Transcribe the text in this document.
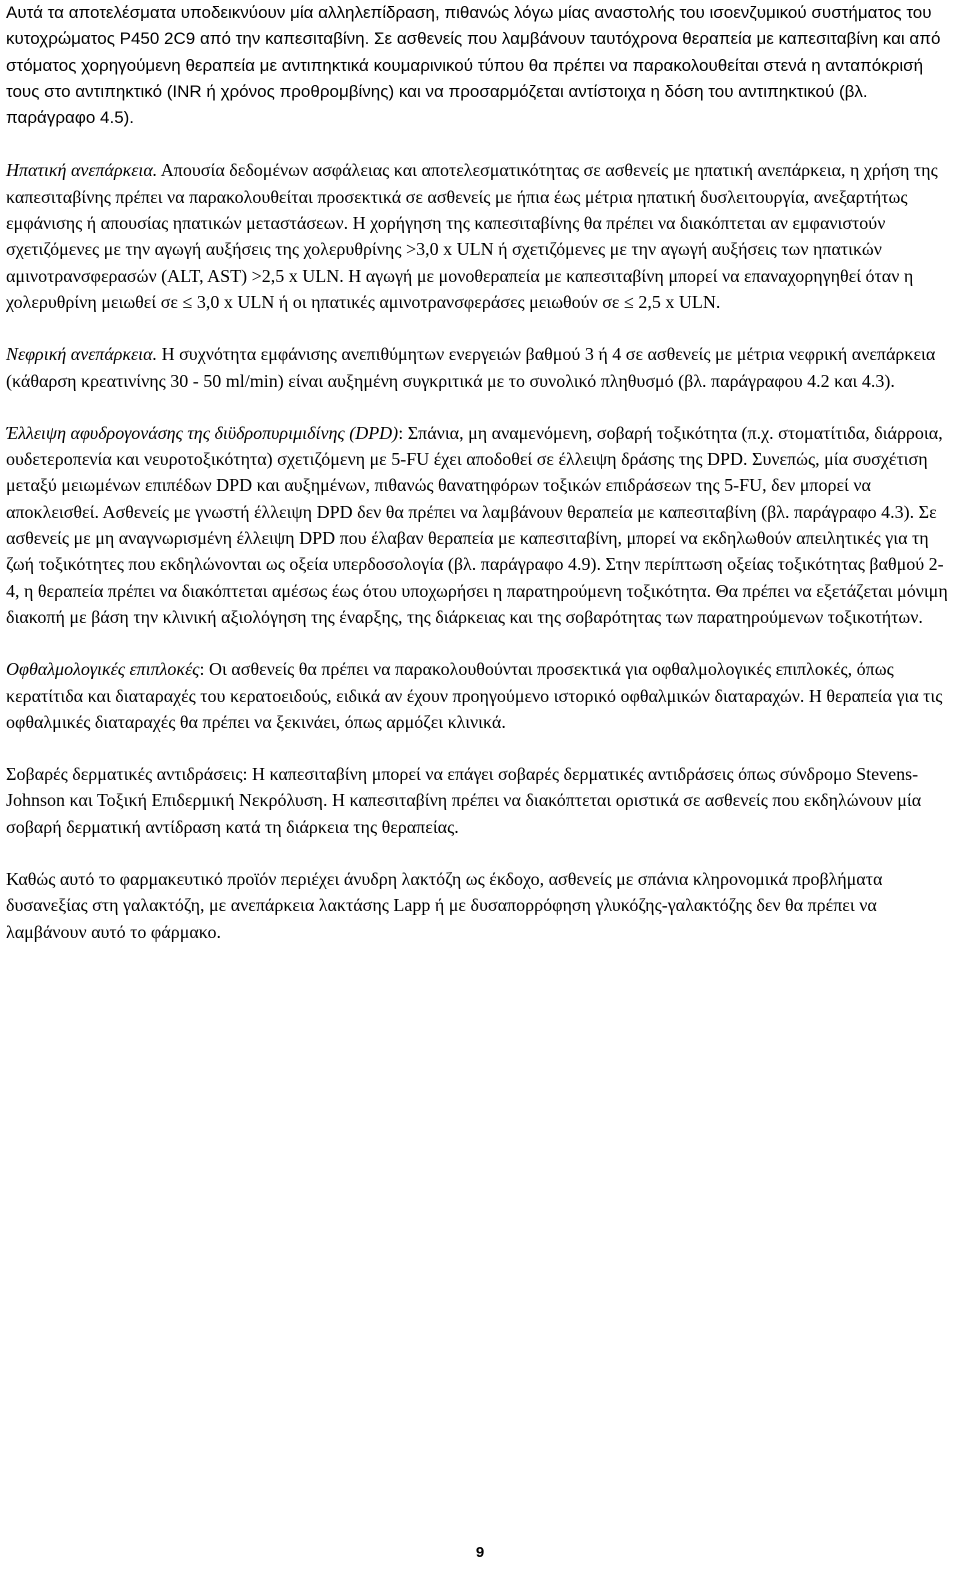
Αυτά τα αποτελέσματα υποδεικνύουν μία αλληλεπίδραση, πιθανώς λόγω μίας αναστολής του ισοενζυμικού συστήματος του κυτοχρώματος P450 2C9 από την καπεσιταβίνη. Σε ασθενείς που λαμβάνουν ταυτόχρονα θεραπεία με καπεσιταβίνη και από στόματος χορηγούμενη θεραπεία με αντιπηκτικά κουμαρινικού τύπου θα πρέπει να παρακολουθείται στενά η ανταπόκρισή τους στο αντιπηκτικό (INR ή χρόνος προθρομβίνης) και να προσαρμόζεται αντίστοιχα η δόση του αντιπηκτικού (βλ. παράγραφο 4.5).

Ηπατική ανεπάρκεια. Απουσία δεδομένων ασφάλειας και αποτελεσματικότητας σε ασθενείς με ηπατική ανεπάρκεια, η χρήση της καπεσιταβίνης πρέπει να παρακολουθείται προσεκτικά σε ασθενείς με ήπια έως μέτρια ηπατική δυσλειτουργία, ανεξαρτήτως εμφάνισης ή απουσίας ηπατικών μεταστάσεων. Η χορήγηση της καπεσιταβίνης θα πρέπει να διακόπτεται αν εμφανιστούν σχετιζόμενες με την αγωγή αυξήσεις της χολερυθρίνης >3,0 x ULN ή σχετιζόμενες με την αγωγή αυξήσεις των ηπατικών αμινοτρανσφερασών (ALT, AST) >2,5 x ULN. Η αγωγή με μονοθεραπεία με καπεσιταβίνη μπορεί να επαναχορηγηθεί όταν η χολερυθρίνη μειωθεί σε ≤ 3,0 x ULN ή οι ηπατικές αμινοτρανσφεράσες μειωθούν σε ≤ 2,5 x ULN.

Νεφρική ανεπάρκεια. Η συχνότητα εμφάνισης ανεπιθύμητων ενεργειών βαθμού 3 ή 4 σε ασθενείς με μέτρια νεφρική ανεπάρκεια (κάθαρση κρεατινίνης 30 - 50 ml/min) είναι αυξημένη συγκριτικά με το συνολικό πληθυσμό (βλ. παράγραφου 4.2 και 4.3).

Έλλειψη αφυδρογονάσης της διϋδροπυριμιδίνης (DPD): Σπάνια, μη αναμενόμενη, σοβαρή τοξικότητα (π.χ. στοματίτιδα, διάρροια, ουδετεροπενία και νευροτοξικότητα) σχετιζόμενη με 5-FU έχει αποδοθεί σε έλλειψη δράσης της DPD. Συνεπώς, μία συσχέτιση μεταξύ μειωμένων επιπέδων DPD και αυξημένων, πιθανώς θανατηφόρων τοξικών επιδράσεων της 5-FU, δεν μπορεί να αποκλεισθεί. Ασθενείς με γνωστή έλλειψη DPD δεν θα πρέπει να λαμβάνουν θεραπεία με καπεσιταβίνη (βλ. παράγραφο 4.3). Σε ασθενείς με μη αναγνωρισμένη έλλειψη DPD που έλαβαν θεραπεία με καπεσιταβίνη, μπορεί να εκδηλωθούν απειλητικές για τη ζωή τοξικότητες που εκδηλώνονται ως οξεία υπερδοσολογία (βλ. παράγραφο 4.9). Στην περίπτωση οξείας τοξικότητας βαθμού 2-4, η θεραπεία πρέπει να διακόπτεται αμέσως έως ότου υποχωρήσει η παρατηρούμενη τοξικότητα. Θα πρέπει να εξετάζεται μόνιμη διακοπή με βάση την κλινική αξιολόγηση της έναρξης, της διάρκειας και της σοβαρότητας των παρατηρούμενων τοξικοτήτων.

Οφθαλμολογικές επιπλοκές: Οι ασθενείς θα πρέπει να παρακολουθούνται προσεκτικά για οφθαλμολογικές επιπλοκές, όπως κερατίτιδα και διαταραχές του κερατοειδούς, ειδικά αν έχουν προηγούμενο ιστορικό οφθαλμικών διαταραχών. Η θεραπεία για τις οφθαλμικές διαταραχές θα πρέπει να ξεκινάει, όπως αρμόζει κλινικά.

Σοβαρές δερματικές αντιδράσεις: Η καπεσιταβίνη μπορεί να επάγει σοβαρές δερματικές αντιδράσεις όπως σύνδρομο Stevens-Johnson και Τοξική Επιδερμική Νεκρόλυση. Η καπεσιταβίνη πρέπει να διακόπτεται οριστικά σε ασθενείς που εκδηλώνουν μία σοβαρή δερματική αντίδραση κατά τη διάρκεια της θεραπείας.

Καθώς αυτό το φαρμακευτικό προϊόν περιέχει άνυδρη λακτόζη ως έκδοχο, ασθενείς με σπάνια κληρονομικά προβλήματα δυσανεξίας στη γαλακτόζη, με ανεπάρκεια λακτάσης Lapp ή με δυσαπορρόφηση γλυκόζης-γαλακτόζης δεν θα πρέπει να λαμβάνουν αυτό το φάρμακο.

9
